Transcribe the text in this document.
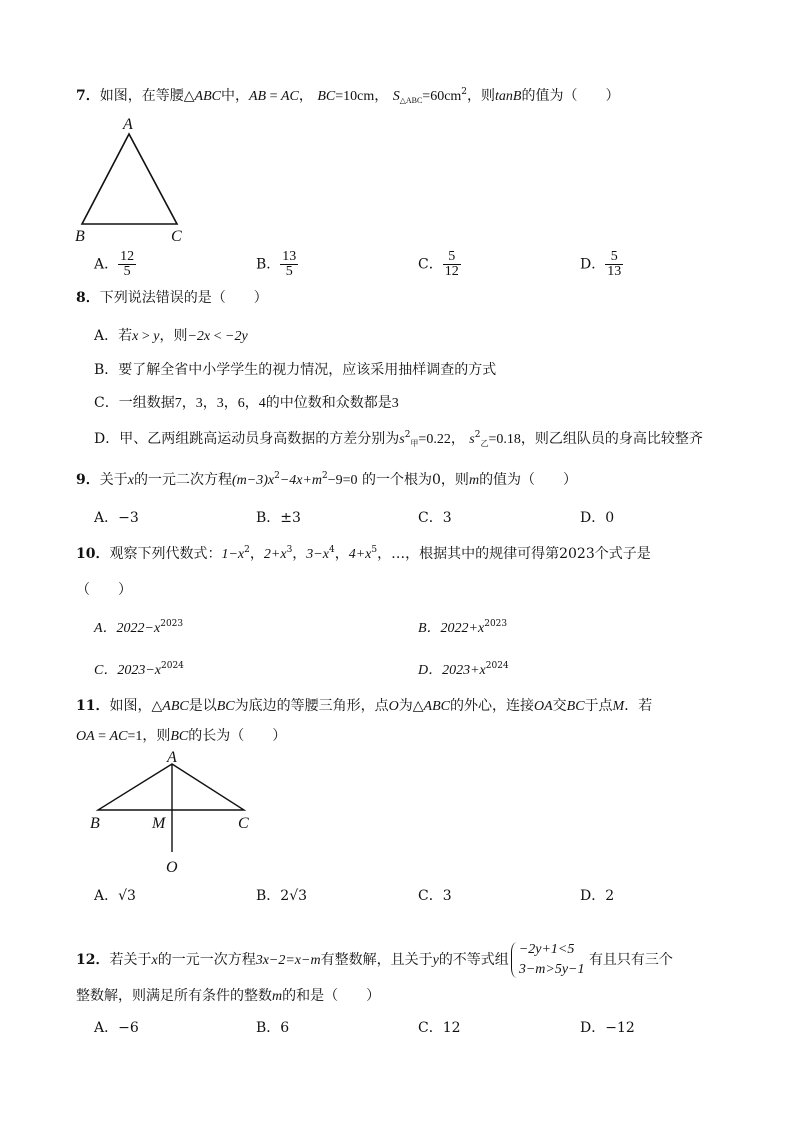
7．如图，在等腰△ABC中，AB = AC， BC=10cm， $S_{\triangle ABC}=60cm^2$，则tanB的值为（　　）
A
B	C
A． $\frac{12}{5}$	B． $\frac{13}{5}$	C． $\frac{5}{12}$	D． $\frac{5}{13}$
8．下列说法错误的是（　　）
A．若x > y，则−2x < −2y
B．要了解全省中小学学生的视力情况，应该采用抽样调查的方式
C．一组数据7，3，3，6，4的中位数和众数都是3
D．甲、乙两组跳高运动员身高数据的方差分别为$s^2_甲=0.22$， $s^2_乙=0.18$，则乙组队员的身高比较整齐
9．关于x的一元二次方程$(m-3)x^2-4x+m^2-9=0$ 的一个根为0，则m的值为（　　）
A．−3	B．±3	C．3	D．0
10．观察下列代数式：$1-x^2$，$2+x^3$，$3-x^4$，$4+x^5$，…，根据其中的规律可得第2023个式子是
（　　）
A．$2022-x^{2023}$	B．$2022+x^{2023}$
C．$2023-x^{2024}$	D．$2023+x^{2024}$
11．如图，△ABC是以BC为底边的等腰三角形，点O为△ABC的外心，连接OA交BC于点M．若
OA = AC=1，则BC的长为（　　）
A
B	M	C
O
A．√3	B．2√3	C．3	D．2
12．若关于x的一元一次方程3x−2=x−m有整数解，且关于y的不等式组
−2y+1<5
3−m>5y−1
有且只有三个
整数解，则满足所有条件的整数m的和是（　　）
A．−6	B．6	C．12	D．−12
